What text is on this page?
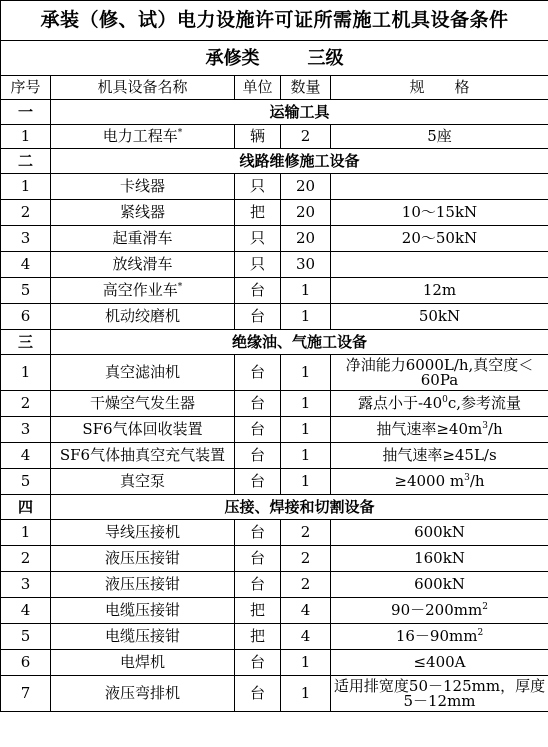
承装（修、试）电力设施许可证所需施工机具设备条件				
承修类 三级				
序号	机具设备名称	单位	数量	规　　格
一	运输工具			
1	电力工程车*	辆	2	5座
二	线路维修施工设备			
1	卡线器	只	20	
2	紧线器	把	20	10～15kN
3	起重滑车	只	20	20～50kN
4	放线滑车	只	30	
5	高空作业车*	台	1	12m
6	机动绞磨机	台	1	50kN
三	绝缘油、气施工设备			
1	真空滤油机	台	1	净油能力6000L/h,真空度＜60Pa
2	干燥空气发生器	台	1	露点小于$-40^0c$,参考流量
3	SF6气体回收装置	台	1	抽气速率$\ge 40m^3/h$
4	SF6气体抽真空充气装置	台	1	抽气速率≥45L/s
5	真空泵	台	1	≥4000 $m^3/h$
四	压接、焊接和切割设备			
1	导线压接机	台	2	600kN
2	液压压接钳	台	2	160kN
3	液压压接钳	台	2	600kN
4	电缆压接钳	把	4	$90-200mm^2$
5	电缆压接钳	把	4	$16-90mm^2$
6	电焊机	台	1	≤400A
7	液压弯排机	台	1	适用排宽度50－125mm，厚度5－12mm
